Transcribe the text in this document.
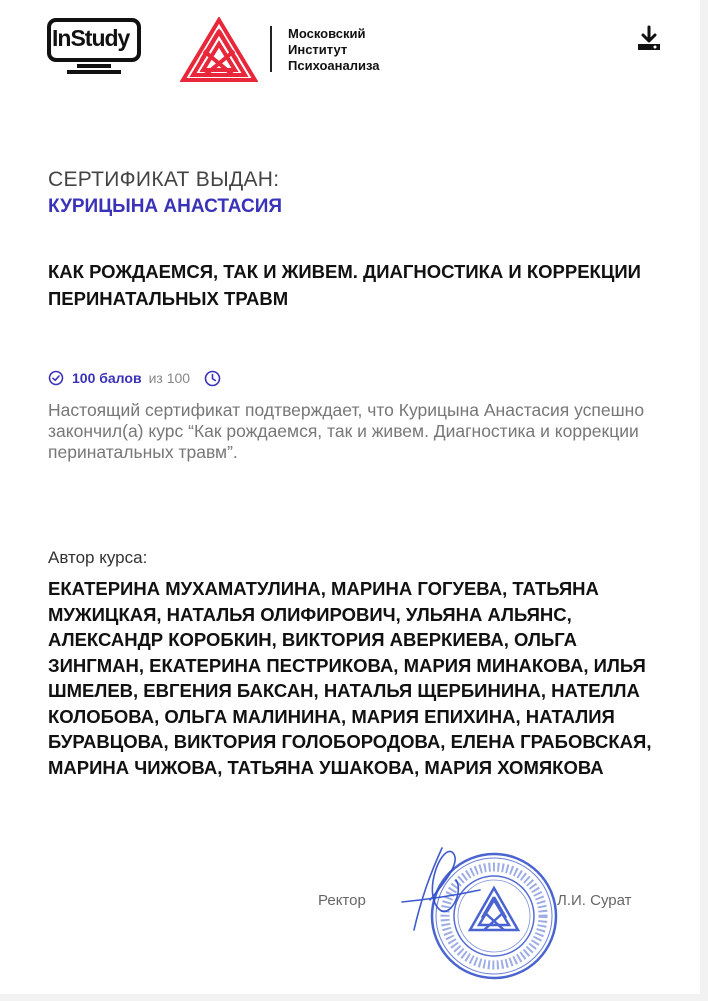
InStudy	Московский
Институт
Психоанализа
СЕРТИФИКАТ ВЫДАН:
КУРИЦЫНА АНАСТАСИЯ
КАК РОЖДАЕМСЯ, ТАК И ЖИВЕМ. ДИАГНОСТИКА И КОРРЕКЦИИ ПЕРИНАТАЛЬНЫХ ТРАВМ
100 балов из 100
Настоящий сертификат подтверждает, что Курицына Анастасия успешно закончил(а) курс “Как рождаемся, так и живем. Диагностика и коррекции перинатальных травм”.
Автор курса:
ЕКАТЕРИНА МУХАМАТУЛИНА, МАРИНА ГОГУЕВА, ТАТЬЯНА МУЖИЦКАЯ, НАТАЛЬЯ ОЛИФИРОВИЧ, УЛЬЯНА АЛЬЯНС, АЛЕКСАНДР КОРОБКИН, ВИКТОРИЯ АВЕРКИЕВА, ОЛЬГА ЗИНГМАН, ЕКАТЕРИНА ПЕСТРИКОВА, МАРИЯ МИНАКОВА, ИЛЬЯ ШМЕЛЕВ, ЕВГЕНИЯ БАКСАН, НАТАЛЬЯ ЩЕРБИНИНА, НАТЕЛЛА КОЛОБОВА, ОЛЬГА МАЛИНИНА, МАРИЯ ЕПИХИНА, НАТАЛИЯ БУРАВЦОВА, ВИКТОРИЯ ГОЛОБОРОДОВА, ЕЛЕНА ГРАБОВСКАЯ, МАРИНА ЧИЖОВА, ТАТЬЯНА УШАКОВА, МАРИЯ ХОМЯКОВА
Ректор	Л.И. Сурат
